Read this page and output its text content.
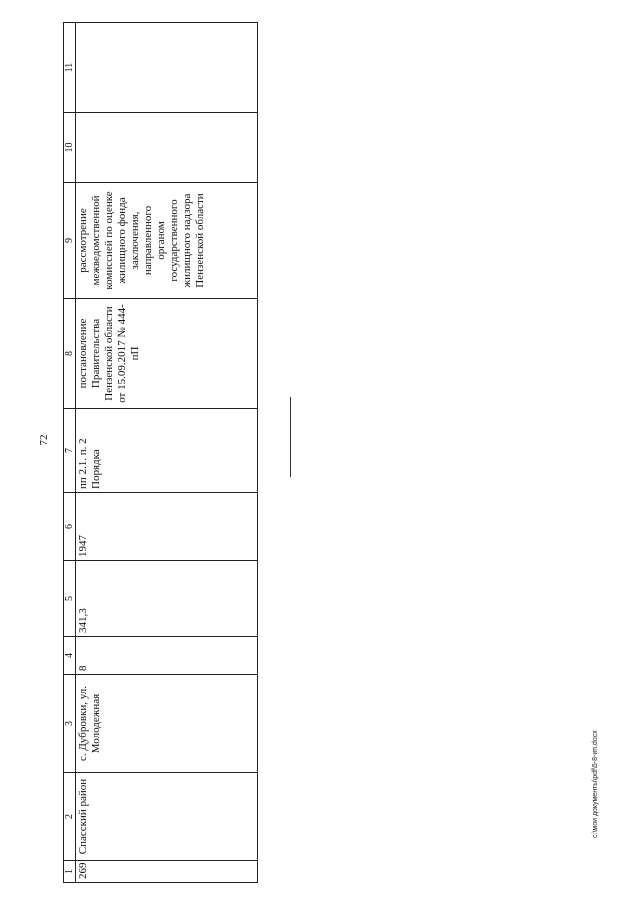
72
1	2	3	4	5	6	7	8	9	10	11
269	Спасский район	с. Дубровки, ул. Молодежная	8	341,3	1947	пп 2.1. п. 2 Порядка	постановление Правительства Пензенской области от 15.09.2017 № 444-пП	рассмотрение межведомственной комиссией по оценке жилищного фонда заключения, направленного органом государственного жилищного надзора Пензенской области		
c:\мои документы\pdf\5-8-ип.docx
